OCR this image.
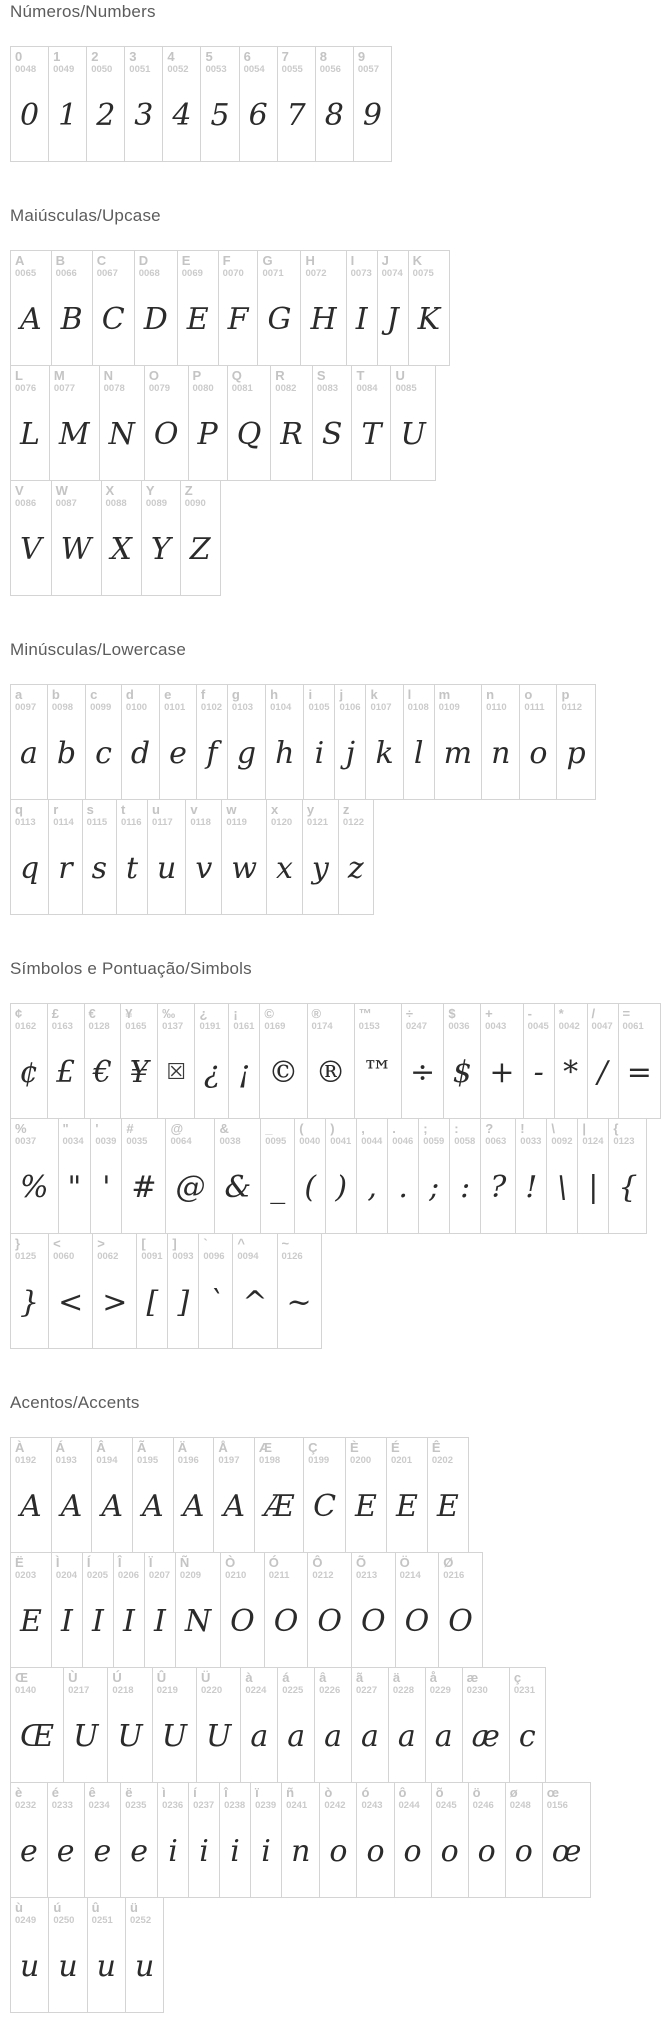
Números/Numbers
0
0048
0
1
0049
1
2
0050
2
3
0051
3
4
0052
4
5
0053
5
6
0054
6
7
0055
7
8
0056
8
9
0057
9
Maiúsculas/Upcase
A
0065
A
B
0066
B
C
0067
C
D
0068
D
E
0069
E
F
0070
F
G
0071
G
H
0072
H
I
0073
I
J
0074
J
K
0075
K
L
0076
L
M
0077
M
N
0078
N
O
0079
O
P
0080
P
Q
0081
Q
R
0082
R
S
0083
S
T
0084
T
U
0085
U
V
0086
V
W
0087
W
X
0088
X
Y
0089
Y
Z
0090
Z
Minúsculas/Lowercase
a
0097
a
b
0098
b
c
0099
c
d
0100
d
e
0101
e
f
0102
f
g
0103
g
h
0104
h
i
0105
i
j
0106
j
k
0107
k
l
0108
l
m
0109
m
n
0110
n
o
0111
o
p
0112
p
q
0113
q
r
0114
r
s
0115
s
t
0116
t
u
0117
u
v
0118
v
w
0119
w
x
0120
x
y
0121
y
z
0122
z
Símbolos e Pontuação/Simbols
¢
0162
¢
£
0163
£
€
0128
€
¥
0165
¥
‰
0137
☒
¿
0191
¿
¡
0161
¡
©
0169
©
®
0174
®
™
0153
™
÷
0247
÷
$
0036
$
+
0043
+
-
0045
-
*
0042
*
/
0047
/
=
0061
=
%
0037
%
"
0034
"
'
0039
'
#
0035
#
@
0064
@
&
0038
&
_
0095
_
(
0040
(
)
0041
)
,
0044
,
.
0046
.
;
0059
;
:
0058
:
?
0063
?
!
0033
!
\
0092
\
|
0124
|
{
0123
{
}
0125
}
<
0060
<
>
0062
>
[
0091
[
]
0093
]
`
0096
`
^
0094
^
~
0126
~
Acentos/Accents
À
0192
A
Á
0193
A
Â
0194
A
Ã
0195
A
Ä
0196
A
Å
0197
A
Æ
0198
Æ
Ç
0199
C
È
0200
E
É
0201
E
Ê
0202
E
Ë
0203
E
Ì
0204
I
Í
0205
I
Î
0206
I
Ï
0207
I
Ñ
0209
N
Ò
0210
O
Ó
0211
O
Ô
0212
O
Õ
0213
O
Ö
0214
O
Ø
0216
O
Œ
0140
Œ
Ù
0217
U
Ú
0218
U
Û
0219
U
Ü
0220
U
à
0224
a
á
0225
a
â
0226
a
ã
0227
a
ä
0228
a
å
0229
a
æ
0230
æ
ç
0231
c
è
0232
e
é
0233
e
ê
0234
e
ë
0235
e
ì
0236
i
í
0237
i
î
0238
i
ï
0239
i
ñ
0241
n
ò
0242
o
ó
0243
o
ô
0244
o
õ
0245
o
ö
0246
o
ø
0248
o
œ
0156
œ
ù
0249
u
ú
0250
u
û
0251
u
ü
0252
u
